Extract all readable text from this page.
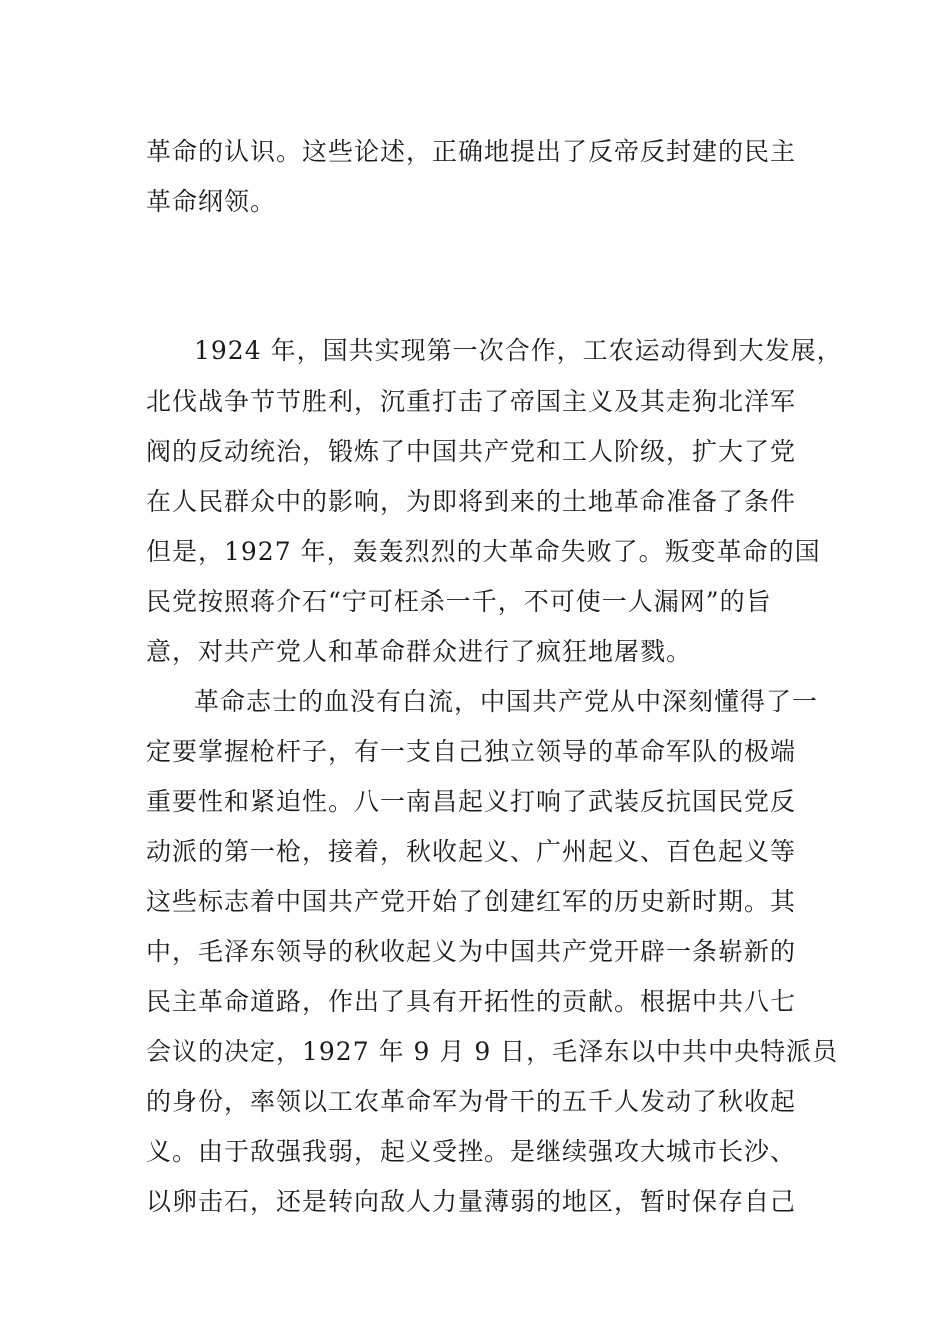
革命的认识。这些论述，正确地提出了反帝反封建的民主
革命纲领。
1924 年，国共实现第一次合作，工农运动得到大发展，
北伐战争节节胜利，沉重打击了帝国主义及其走狗北洋军
阀的反动统治，锻炼了中国共产党和工人阶级，扩大了党
在人民群众中的影响，为即将到来的土地革命准备了条件
但是，1927 年，轰轰烈烈的大革命失败了。叛变革命的国
民党按照蒋介石“宁可枉杀一千，不可使一人漏网”的旨
意，对共产党人和革命群众进行了疯狂地屠戮。
革命志士的血没有白流，中国共产党从中深刻懂得了一
定要掌握枪杆子，有一支自己独立领导的革命军队的极端
重要性和紧迫性。八一南昌起义打响了武装反抗国民党反
动派的第一枪，接着，秋收起义、广州起义、百色起义等
这些标志着中国共产党开始了创建红军的历史新时期。其
中，毛泽东领导的秋收起义为中国共产党开辟一条崭新的
民主革命道路，作出了具有开拓性的贡献。根据中共八七
会议的决定，1927 年 9 月 9 日，毛泽东以中共中央特派员
的身份，率领以工农革命军为骨干的五千人发动了秋收起
义。由于敌强我弱，起义受挫。是继续强攻大城市长沙、
以卵击石，还是转向敌人力量薄弱的地区，暂时保存自己
